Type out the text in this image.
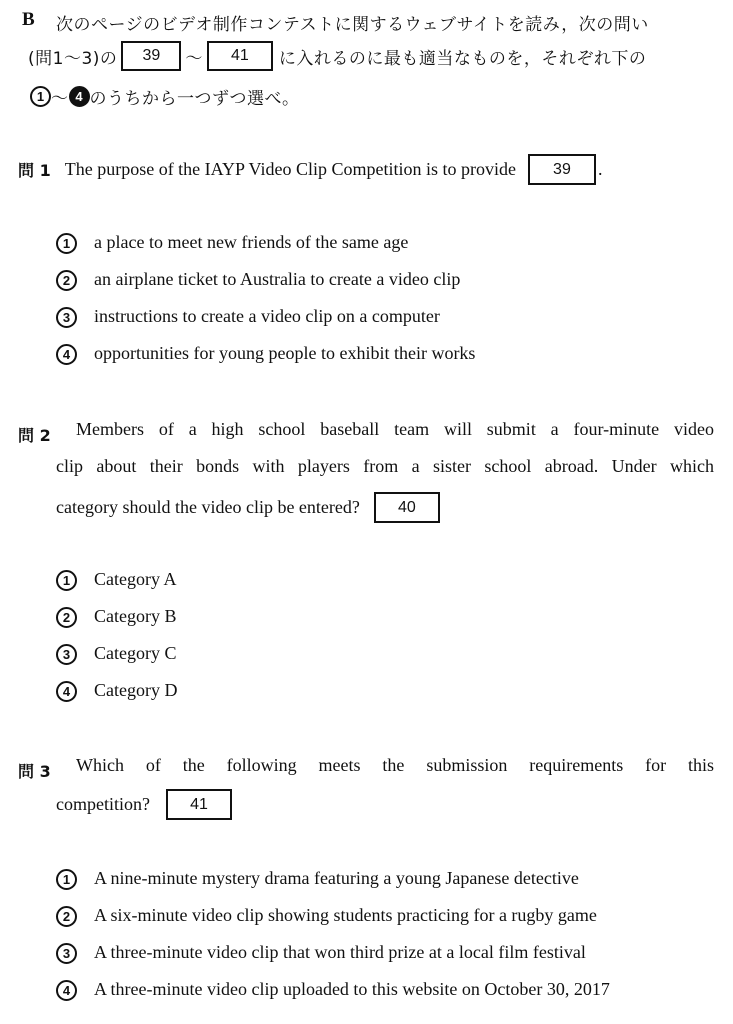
B 次のページのビデオ制作コンテストに関するウェブサイトを読み，次の問い
(問1〜3)の	39	〜	41	に入れるのに最も適当なものを，それぞれ下の
1 〜 4 のうちから一つずつ選べ。
問 1 The purpose of the IAYP Video Clip Competition is to provide	39	.
1	a place to meet new friends of the same age
2	an airplane ticket to Australia to create a video clip
3	instructions to create a video clip on a computer
4	opportunities for young people to exhibit their works
問 2 Members of a high school baseball team will submit a four-minute video
clip about their bonds with players from a sister school abroad. Under which
category should the video clip be entered?	40
1	Category A
2	Category B
3	Category C
4	Category D
問 3 Which of the following meets the submission requirements for this
competition?	41
1	A nine-minute mystery drama featuring a young Japanese detective
2	A six-minute video clip showing students practicing for a rugby game
3	A three-minute video clip that won third prize at a local film festival
4	A three-minute video clip uploaded to this website on October 30, 2017
